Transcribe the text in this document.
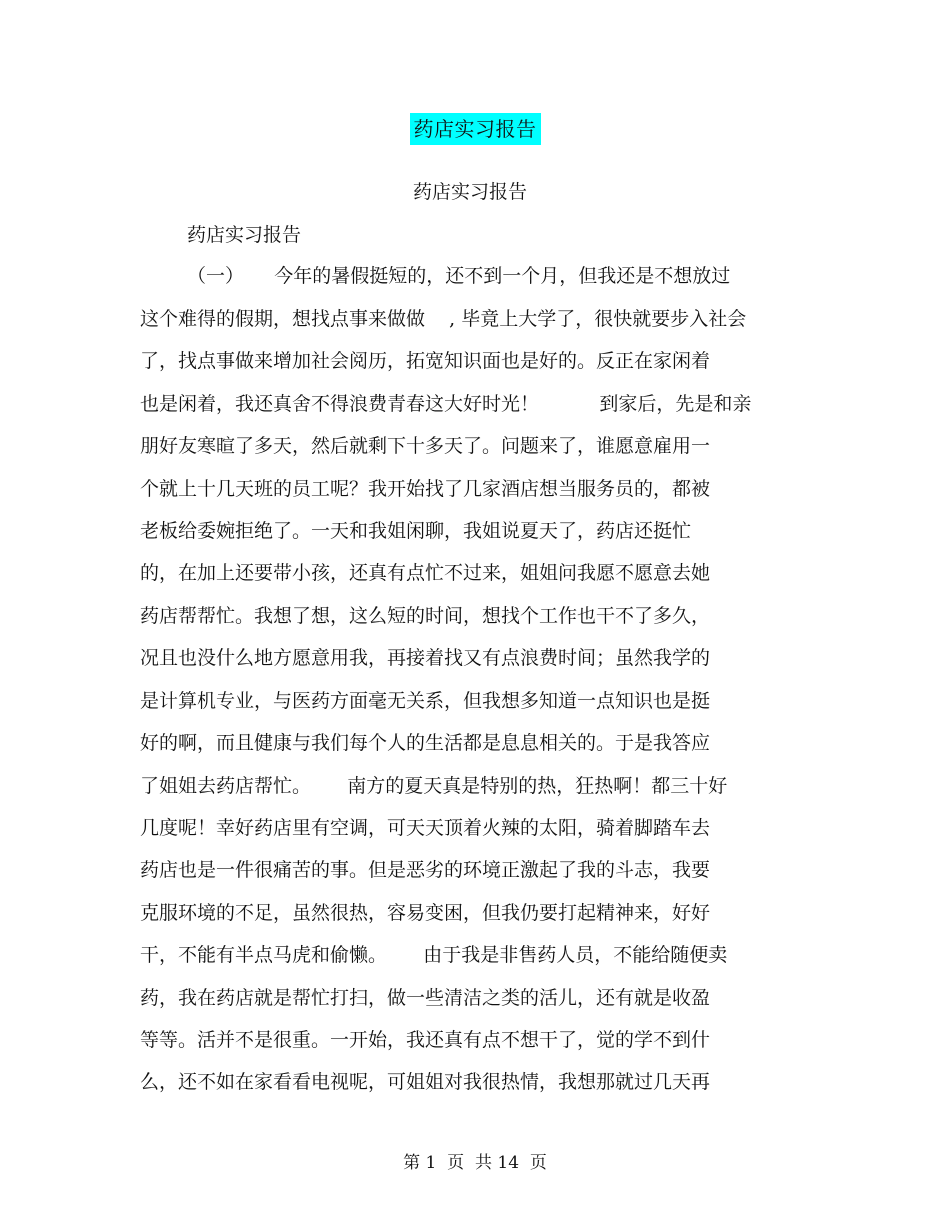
药店实习报告
药店实习报告
药店实习报告
（一）     今年的暑假挺短的，还不到一个月，但我还是不想放过
这个难得的假期，想找点事来做做    , 毕竟上大学了，很快就要步入社会
了，找点事做来增加社会阅历，拓宽知识面也是好的。反正在家闲着
也是闲着，我还真舍不得浪费青春这大好时光！          到家后，先是和亲
朋好友寒暄了多天，然后就剩下十多天了。问题来了，谁愿意雇用一
个就上十几天班的员工呢？我开始找了几家酒店想当服务员的，都被
老板给委婉拒绝了。一天和我姐闲聊，我姐说夏天了，药店还挺忙
的，在加上还要带小孩，还真有点忙不过来，姐姐问我愿不愿意去她
药店帮帮忙。我想了想，这么短的时间，想找个工作也干不了多久，
况且也没什么地方愿意用我，再接着找又有点浪费时间；虽然我学的
是计算机专业，与医药方面毫无关系，但我想多知道一点知识也是挺
好的啊，而且健康与我们每个人的生活都是息息相关的。于是我答应
了姐姐去药店帮忙。      南方的夏天真是特别的热，狂热啊！都三十好
几度呢！幸好药店里有空调，可天天顶着火辣的太阳，骑着脚踏车去
药店也是一件很痛苦的事。但是恶劣的环境正激起了我的斗志，我要
克服环境的不足，虽然很热，容易变困，但我仍要打起精神来，好好
干，不能有半点马虎和偷懒。      由于我是非售药人员，不能给随便卖
药，我在药店就是帮忙打扫，做一些清洁之类的活儿，还有就是收盈
等等。活并不是很重。一开始，我还真有点不想干了，觉的学不到什
么，还不如在家看看电视呢，可姐姐对我很热情，我想那就过几天再
第 1  页  共 14  页
